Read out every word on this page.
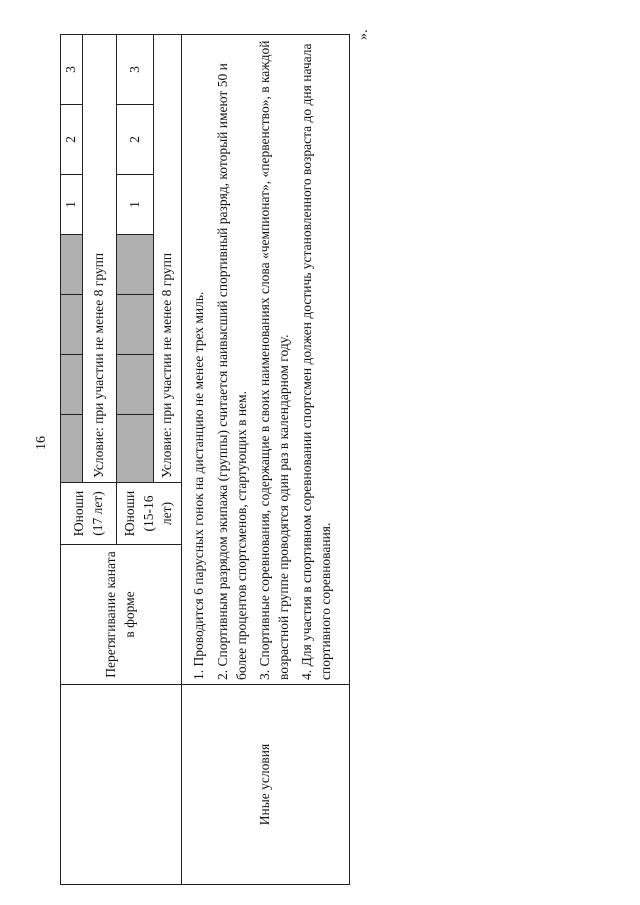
16
	Перетягивание каната в форме	Юноши (17 лет)					1	2	3
			Условие: при участии не менее 8 групп						

		Юноши (15-16 лет)					1	2	3
			Условие: при участии не менее 8 групп						
Иные условия	1. Проводится 6 парусных гонок на дистанцию не менее трех миль. 2. Спортивным разрядом экипажа (группы) считается наивысший спортивный разряд, который имеют 50 и более процентов спортсменов, стартующих в нем. 3. Спортивные соревнования, содержащие в своих наименованиях слова «чемпионат», «первенство», в каждой возрастной группе проводятся один раз в календарном году. 4. Для участия в спортивном соревновании спортсмен должен достичь установленного возраста до дня начала спортивного соревнования.								

».
